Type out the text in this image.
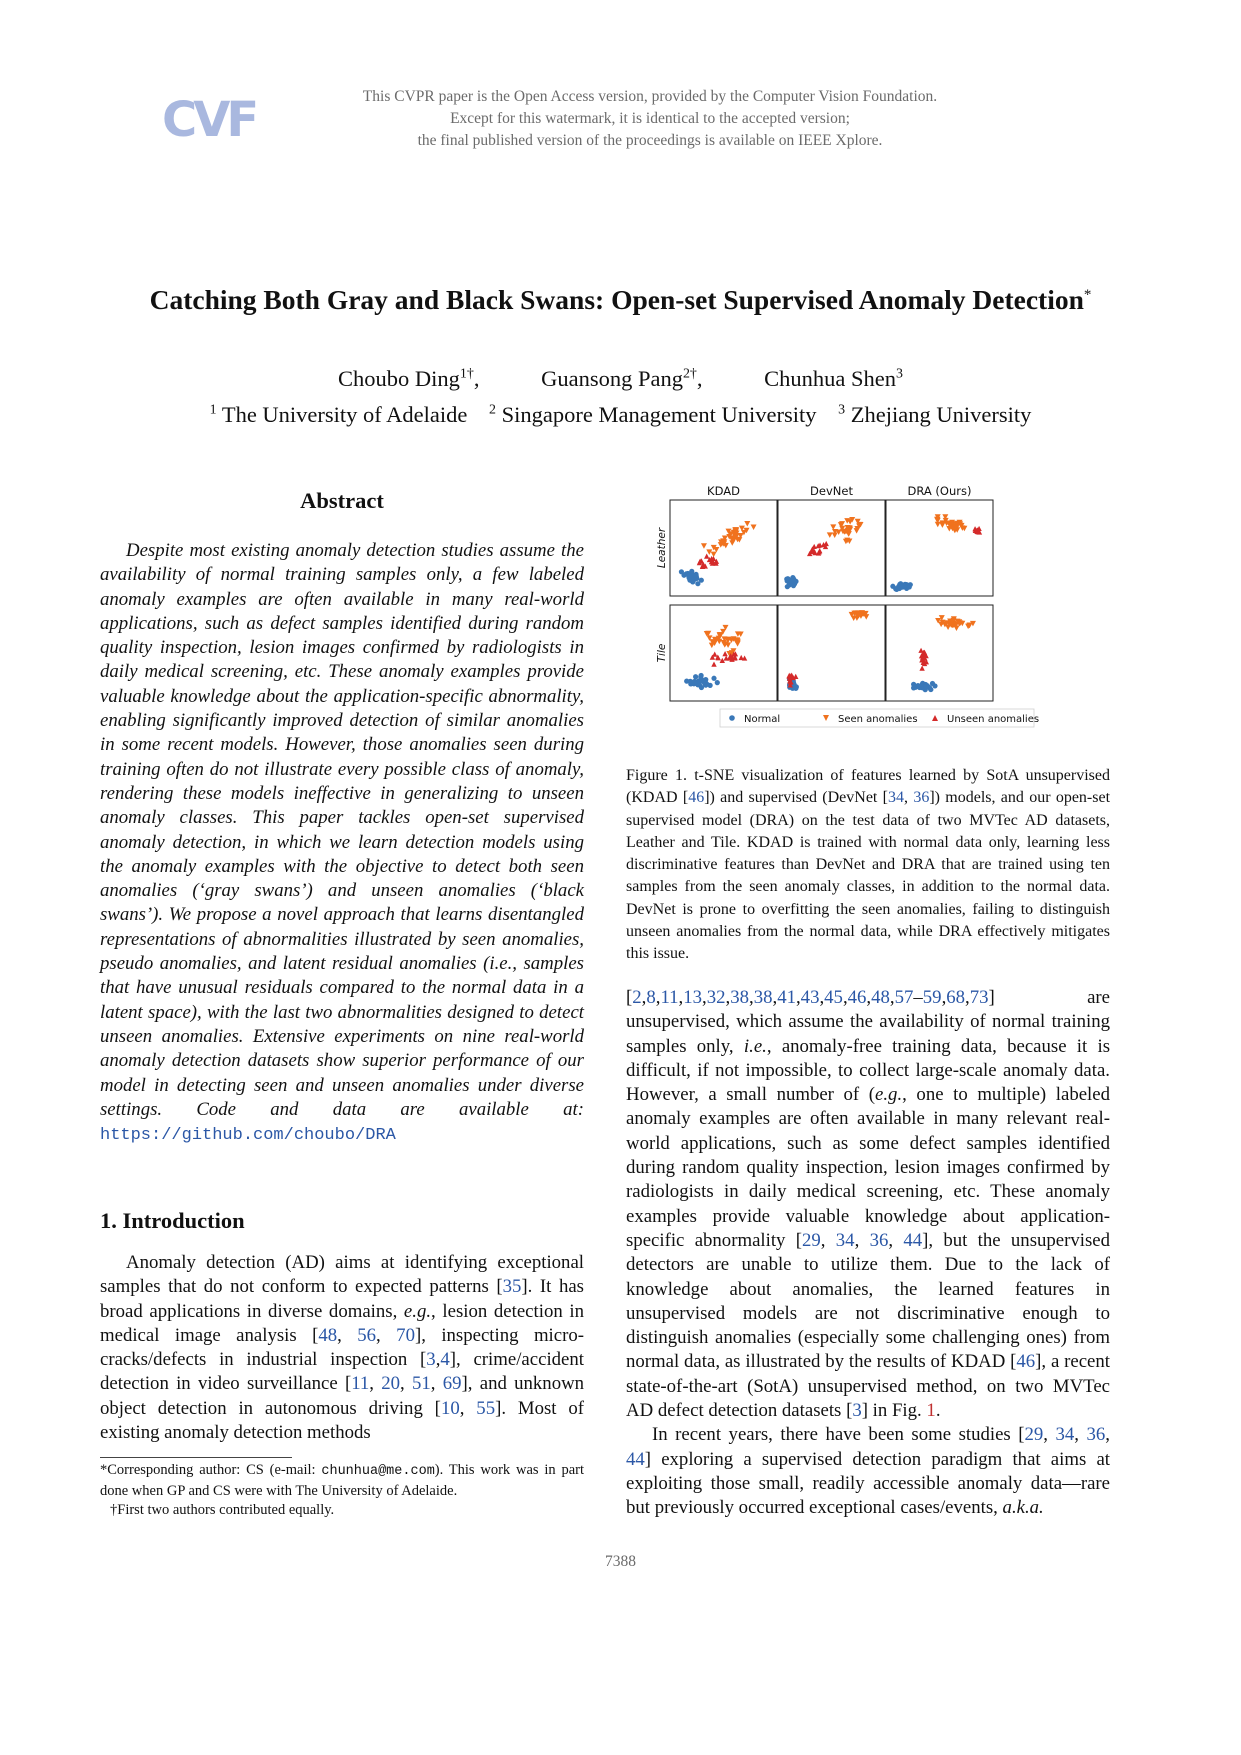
CVF	This CVPR paper is the Open Access version, provided by the Computer Vision Foundation.
Except for this watermark, it is identical to the accepted version;
the final published version of the proceedings is available on IEEE Xplore.
Catching Both Gray and Black Swans: Open-set Supervised Anomaly Detection*
Choubo Ding$^{1\dagger}$,	Guansong Pang$^{2\dagger}$,	Chunhua Shen$^3$
$^1$ The University of Adelaide $^2$ Singapore Management University $^3$ Zhejiang University
Abstract
Despite most existing anomaly detection studies assume the availability of normal training samples only, a few labeled anomaly examples are often available in many real-world applications, such as defect samples identified during random quality inspection, lesion images confirmed by radiologists in daily medical screening, etc. These anomaly examples provide valuable knowledge about the application-specific abnormality, enabling significantly improved detection of similar anomalies in some recent models. However, those anomalies seen during training often do not illustrate every possible class of anomaly, rendering these models ineffective in generalizing to unseen anomaly classes. This paper tackles open-set supervised anomaly detection, in which we learn detection models using the anomaly examples with the objective to detect both seen anomalies (‘gray swans’) and unseen anomalies (‘black swans’). We propose a novel approach that learns disentangled representations of abnormalities illustrated by seen anomalies, pseudo anomalies, and latent residual anomalies (i.e., samples that have unusual residuals compared to the normal data in a latent space), with the last two abnormalities designed to detect unseen anomalies. Extensive experiments on nine real-world anomaly detection datasets show superior performance of our model in detecting seen and unseen anomalies under diverse settings. Code and data are available at: https://github.com/choubo/DRA
1. Introduction
Anomaly detection (AD) aims at identifying exceptional samples that do not conform to expected patterns [35]. It has broad applications in diverse domains, e.g., lesion detection in medical image analysis [48, 56, 70], inspecting micro-cracks/defects in industrial inspection [3,4], crime/accident detection in video surveillance [11, 20, 51, 69], and unknown object detection in autonomous driving [10, 55]. Most of existing anomaly detection methods
*Corresponding author: CS (e-mail: chunhua@me.com). This work was in part done when GP and CS were with The University of Adelaide.
†First two authors contributed equally.
KDAD	DevNet	DRA (Ours)
Leather
Tile
Normal	Seen anomalies	Unseen anomalies
Figure 1. t-SNE visualization of features learned by SotA unsupervised (KDAD [46]) and supervised (DevNet [34, 36]) models, and our open-set supervised model (DRA) on the test data of two MVTec AD datasets, Leather and Tile. KDAD is trained with normal data only, learning less discriminative features than DevNet and DRA that are trained using ten samples from the seen anomaly classes, in addition to the normal data. DevNet is prone to overfitting the seen anomalies, failing to distinguish unseen anomalies from the normal data, while DRA effectively mitigates this issue.

[2,8,11,13,32,38,38,41,43,45,46,48,57–59,68,73] are unsupervised, which assume the availability of normal training samples only, i.e., anomaly-free training data, because it is difficult, if not impossible, to collect large-scale anomaly data. However, a small number of (e.g., one to multiple) labeled anomaly examples are often available in many relevant real-world applications, such as some defect samples identified during random quality inspection, lesion images confirmed by radiologists in daily medical screening, etc. These anomaly examples provide valuable knowledge about application-specific abnormality [29, 34, 36, 44], but the unsupervised detectors are unable to utilize them. Due to the lack of knowledge about anomalies, the learned features in unsupervised models are not discriminative enough to distinguish anomalies (especially some challenging ones) from normal data, as illustrated by the results of KDAD [46], a recent state-of-the-art (SotA) unsupervised method, on two MVTec AD defect detection datasets [3] in Fig. 1.

In recent years, there have been some studies [29, 34, 36, 44] exploring a supervised detection paradigm that aims at exploiting those small, readily accessible anomaly data—rare but previously occurred exceptional cases/events, a.k.a.

7388
